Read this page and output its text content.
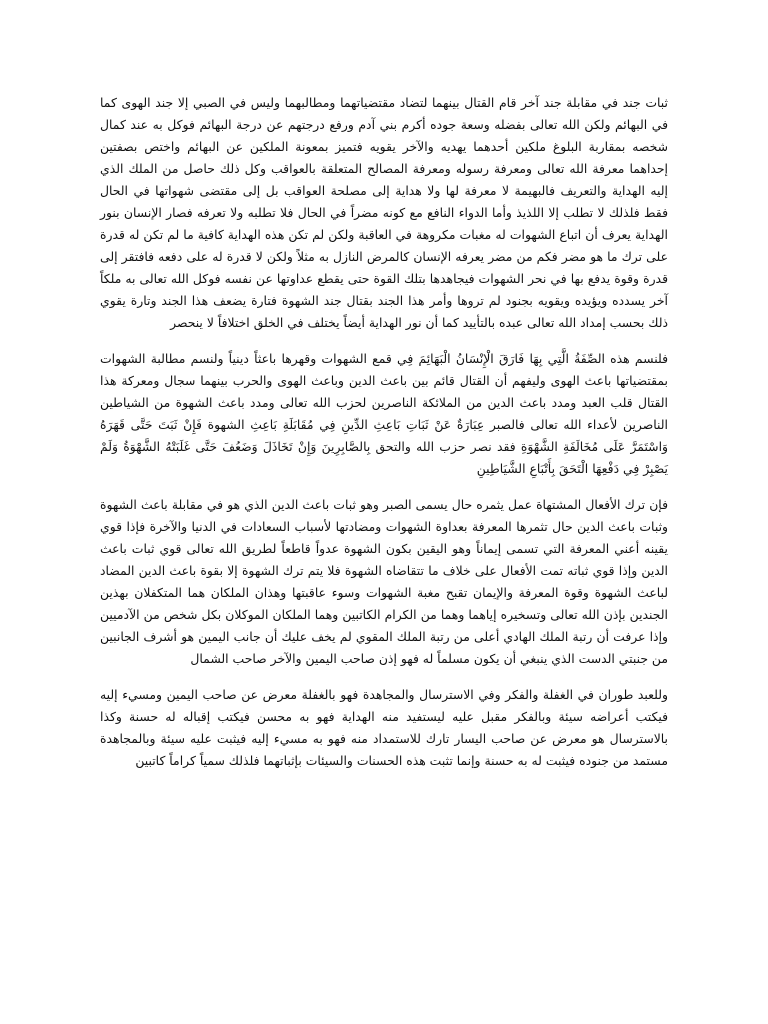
ثبات جند في مقابلة جند آخر قام القتال بينهما لتضاد مقتضياتهما ومطالبهما وليس في الصبي إلا جند الهوى كما في البهائم ولكن الله تعالى بفضله وسعة جوده أكرم بني آدم ورفع درجتهم عن درجة البهائم فوكل به عند كمال شخصه بمقاربة البلوغ ملكين أحدهما يهديه والآخر يقويه فتميز بمعونة الملكين عن البهائم واختص بصفتين إحداهما معرفة الله تعالى ومعرفة رسوله ومعرفة المصالح المتعلقة بالعواقب وكل ذلك حاصل من الملك الذي إليه الهداية والتعريف فالبهيمة لا معرفة لها ولا هداية إلى مصلحة العواقب بل إلى مقتضى شهواتها في الحال فقط فلذلك لا تطلب إلا اللذيذ وأما الدواء النافع مع كونه مضراً في الحال فلا تطلبه ولا تعرفه فصار الإنسان بنور الهداية يعرف أن اتباع الشهوات له مغبات مكروهة في العاقبة ولكن لم تكن هذه الهداية كافية ما لم تكن له قدرة على ترك ما هو مضر فكم من مضر يعرفه الإنسان كالمرض النازل به مثلاً ولكن لا قدرة له على دفعه فافتقر إلى قدرة وقوة يدفع بها في نحر الشهوات فيجاهدها بتلك القوة حتى يقطع عداوتها عن نفسه فوكل الله تعالى به ملكاً آخر يسدده ويؤيده ويقويه بجنود لم تروها وأمر هذا الجند بقتال جند الشهوة فتارة يضعف هذا الجند وتارة يقوي ذلك بحسب إمداد الله تعالى عبده بالتأييد كما أن نور الهداية أيضاً يختلف في الخلق اختلافاً لا ينحصر

فلنسم هذه الصِّفَةُ الَّتِي بِهَا فَارَقَ الْإِنْسَانُ الْبَهَائِمَ فِي قمع الشهوات وقهرها باعثاً دينياً ولنسم مطالبة الشهوات بمقتضياتها باعث الهوى وليفهم أن القتال قائم بين باعث الدين وباعث الهوى والحرب بينهما سجال ومعركة هذا القتال قلب العبد ومدد باعث الدين من الملائكة الناصرين لحزب الله تعالى ومدد باعث الشهوة من الشياطين الناصرين لأعداء الله تعالى فالصبر عِبَارَةٌ عَنْ ثَبَاتِ بَاعِثِ الدِّينِ فِي مُقَابَلَةِ بَاعِثِ الشهوة فَإِنْ ثَبَتَ حَتَّى قَهَرَهُ وَاسْتَمَرَّ عَلَى مُخَالَفَةِ الشَّهْوَةِ فقد نصر حزب الله والتحق بِالصَّابِرِينَ وَإِنْ تَخَاذَلَ وَضَعُفَ حَتَّى غَلَبَتْهُ الشَّهْوَةُ وَلَمْ يَصْبِرْ فِي دَفْعِهَا الْتَحَقَ بِأَتْبَاعِ الشَّيَاطِينِ

فإن ترك الأفعال المشتهاة عمل يثمره حال يسمى الصبر وهو ثبات باعث الدين الذي هو في مقابلة باعث الشهوة وثبات باعث الدين حال تثمرها المعرفة بعداوة الشهوات ومضادتها لأسباب السعادات في الدنيا والآخرة فإذا قوي يقينه أعني المعرفة التي تسمى إيماناً وهو اليقين بكون الشهوة عدواً قاطعاً لطريق الله تعالى قوي ثبات باعث الدين وإذا قوي ثباته تمت الأفعال على خلاف ما تتقاضاه الشهوة فلا يتم ترك الشهوة إلا بقوة باعث الدين المضاد لباعث الشهوة وقوة المعرفة والإيمان تقبح مغبة الشهوات وسوء عاقبتها وهذان الملكان هما المتكفلان بهذين الجندين بإذن الله تعالى وتسخيره إياهما وهما من الكرام الكاتبين وهما الملكان الموكلان بكل شخص من الآدميين وإذا عرفت أن رتبة الملك الهادي أعلى من رتبة الملك المقوي لم يخف عليك أن جانب اليمين هو أشرف الجانبين من جنبتي الدست الذي ينبغي أن يكون مسلماً له فهو إذن صاحب اليمين والآخر صاحب الشمال

وللعبد طوران في الغفلة والفكر وفي الاسترسال والمجاهدة فهو بالغفلة معرض عن صاحب اليمين ومسيء إليه فيكتب أعراضه سيئة وبالفكر مقبل عليه ليستفيد منه الهداية فهو به محسن فيكتب إقباله له حسنة وكذا بالاسترسال هو معرض عن صاحب اليسار تارك للاستمداد منه فهو به مسيء إليه فيثبت عليه سيئة وبالمجاهدة مستمد من جنوده فيثبت له به حسنة وإنما تثبت هذه الحسنات والسيئات بإثباتهما فلذلك سمياً كراماً كاتبين
